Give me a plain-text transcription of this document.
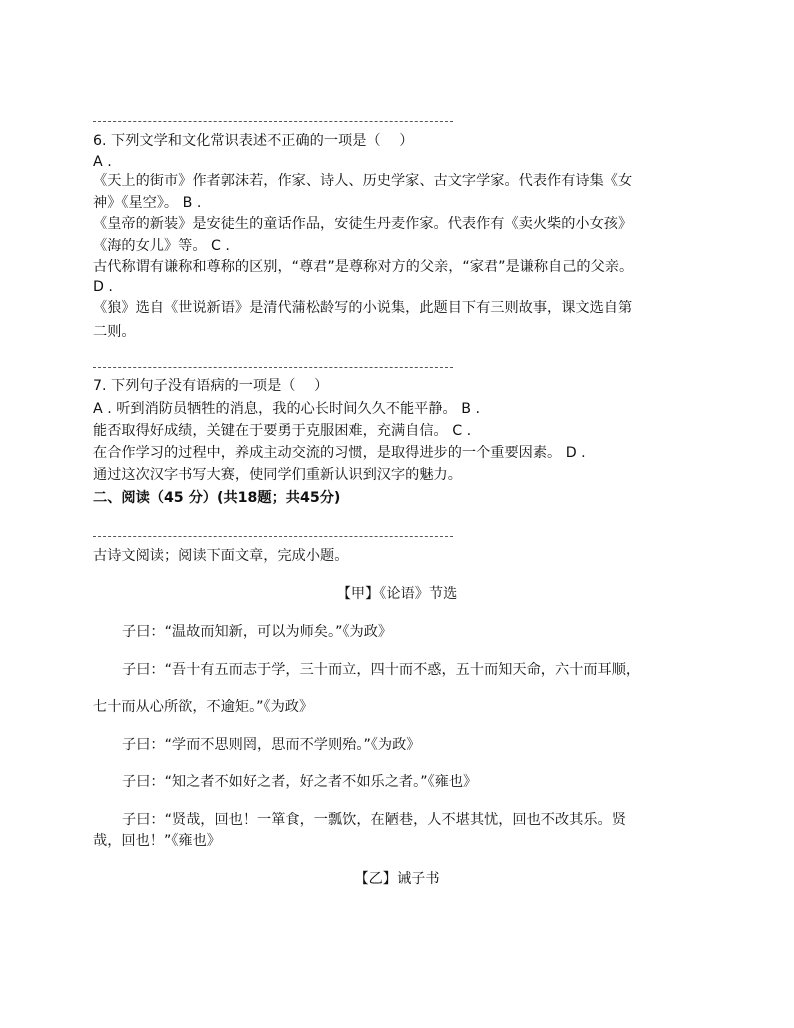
6. 下列文学和文化常识表述不正确的一项是（　 ）
A .
《天上的街市》作者郭沫若，作家、诗人、历史学家、古文字学家。代表作有诗集《女
神》《星空》。 B .
《皇帝的新装》是安徒生的童话作品，安徒生丹麦作家。代表作有《卖火柴的小女孩》
《海的女儿》等。 C .
古代称谓有谦称和尊称的区别，“尊君”是尊称对方的父亲，“家君”是谦称自己的父亲。
D .
《狼》选自《世说新语》是清代蒲松龄写的小说集，此题目下有三则故事，课文选自第
二则。
7. 下列句子没有语病的一项是（　 ）
A . 听到消防员牺牲的消息，我的心长时间久久不能平静。 B .
能否取得好成绩，关键在于要勇于克服困难，充满自信。 C .
在合作学习的过程中，养成主动交流的习惯，是取得进步的一个重要因素。 D .
通过这次汉字书写大赛，使同学们重新认识到汉字的魅力。
二、阅读（45 分）(共18题；共45分)
古诗文阅读；阅读下面文章，完成小题。
【甲】《论语》节选
子曰：“温故而知新，可以为师矣。”《为政》
子曰：“吾十有五而志于学，三十而立，四十而不惑，五十而知天命，六十而耳顺，
七十而从心所欲，不逾矩。”《为政》
子曰：“学而不思则罔，思而不学则殆。”《为政》
子曰：“知之者不如好之者，好之者不如乐之者。”《雍也》
子曰：“贤哉，回也！一箪食，一瓢饮，在陋巷，人不堪其忧，回也不改其乐。贤
哉，回也！”《雍也》
【乙】诫子书
